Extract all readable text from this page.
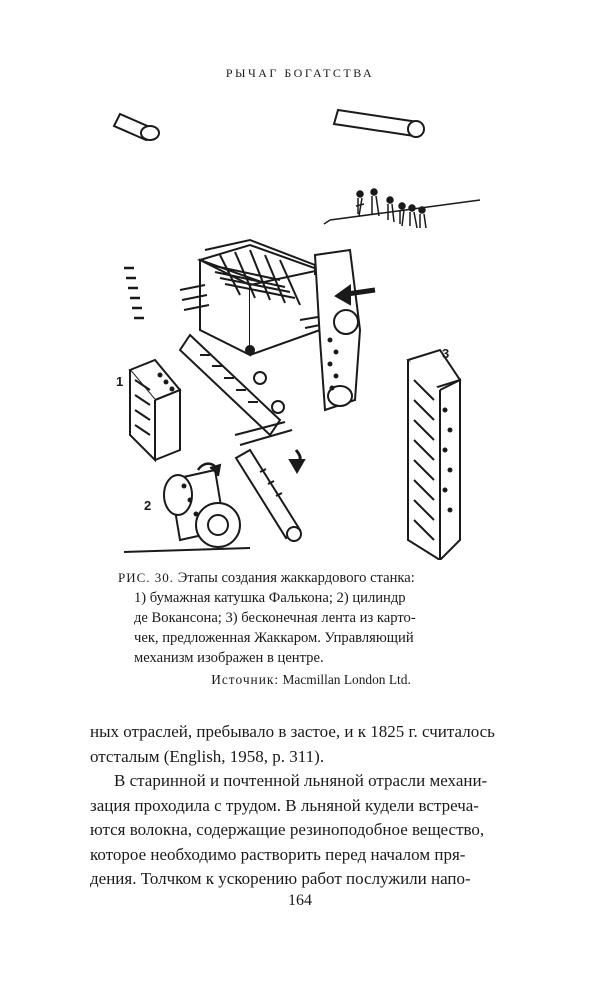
РЫЧАГ БОГАТСТВА
1
2
3
РИС. 30. Этапы создания жаккардового станка:
1) бумажная катушка Фалькона; 2) цилиндр
де Вокансона; 3) бесконечная лента из карто-
чек, предложенная Жаккаром. Управляющий
механизм изображен в центре.
Источник: Macmillan London Ltd.
ных отраслей, пребывало в застое, и к 1825 г. считалось
отсталым (English, 1958, p. 311).
В старинной и почтенной льняной отрасли механи-
зация проходила с трудом. В льняной кудели встреча-
ются волокна, содержащие резиноподобное вещество,
которое необходимо растворить перед началом пря-
дения. Толчком к ускорению работ послужили напо-
164
